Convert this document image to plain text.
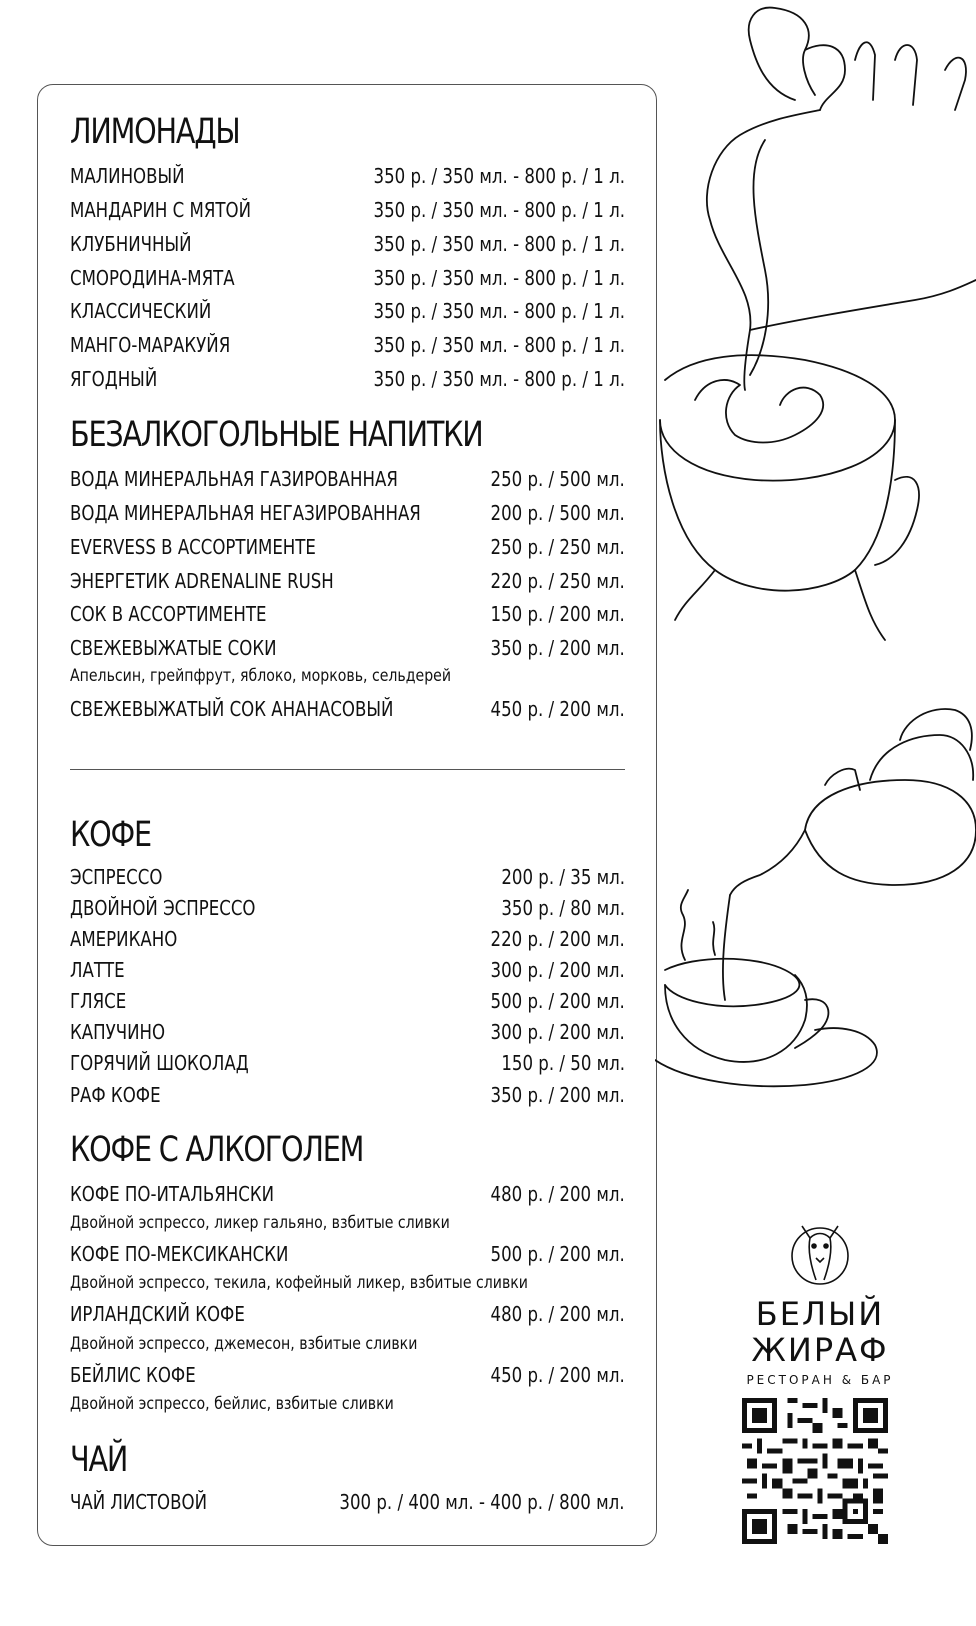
ЛИМОНАДЫ
МАЛИНОВЫЙ	350 р. / 350 мл. - 800 р. / 1 л.
МАНДАРИН С МЯТОЙ	350 р. / 350 мл. - 800 р. / 1 л.
КЛУБНИЧНЫЙ	350 р. / 350 мл. - 800 р. / 1 л.
СМОРОДИНА-МЯТА	350 р. / 350 мл. - 800 р. / 1 л.
КЛАССИЧЕСКИЙ	350 р. / 350 мл. - 800 р. / 1 л.
МАНГО-МАРАКУЙЯ	350 р. / 350 мл. - 800 р. / 1 л.
ЯГОДНЫЙ	350 р. / 350 мл. - 800 р. / 1 л.
БЕЗАЛКОГОЛЬНЫЕ НАПИТКИ
ВОДА МИНЕРАЛЬНАЯ ГАЗИРОВАННАЯ	250 р. / 500 мл.
ВОДА МИНЕРАЛЬНАЯ НЕГАЗИРОВАННАЯ	200 р. / 500 мл.
EVERVESS В АССОРТИМЕНТЕ	250 р. / 250 мл.
ЭНЕРГЕТИК ADRENALINE RUSH	220 р. / 250 мл.
СОК В АССОРТИМЕНТЕ	150 р. / 200 мл.
СВЕЖЕВЫЖАТЫЕ СОКИ	350 р. / 200 мл.
Апельсин, грейпфрут, яблоко, морковь, сельдерей
СВЕЖЕВЫЖАТЫЙ СОК АНАНАСОВЫЙ	450 р. / 200 мл.
КОФЕ
ЭСПРЕССО	200 р. / 35 мл.
ДВОЙНОЙ ЭСПРЕССО	350 р. / 80 мл.
АМЕРИКАНО	220 р. / 200 мл.
ЛАТТЕ	300 р. / 200 мл.
ГЛЯСЕ	500 р. / 200 мл.
КАПУЧИНО	300 р. / 200 мл.
ГОРЯЧИЙ ШОКОЛАД	150 р. / 50 мл.
РАФ КОФЕ	350 р. / 200 мл.
КОФЕ С АЛКОГОЛЕМ
КОФЕ ПО-ИТАЛЬЯНСКИ	480 р. / 200 мл.
Двойной эспрессо, ликер гальяно, взбитые сливки
КОФЕ ПО-МЕКСИКАНСКИ	500 р. / 200 мл.
Двойной эспрессо, текила, кофейный ликер, взбитые сливки
ИРЛАНДСКИЙ КОФЕ	480 р. / 200 мл.
Двойной эспрессо, джемесон, взбитые сливки
БЕЙЛИС КОФЕ	450 р. / 200 мл.
Двойной эспрессо, бейлис, взбитые сливки
ЧАЙ
ЧАЙ ЛИСТОВОЙ	300 р. / 400 мл. - 400 р. / 800 мл.
БЕЛЫЙ
ЖИРАФ
РЕСТОРАН & БАР
